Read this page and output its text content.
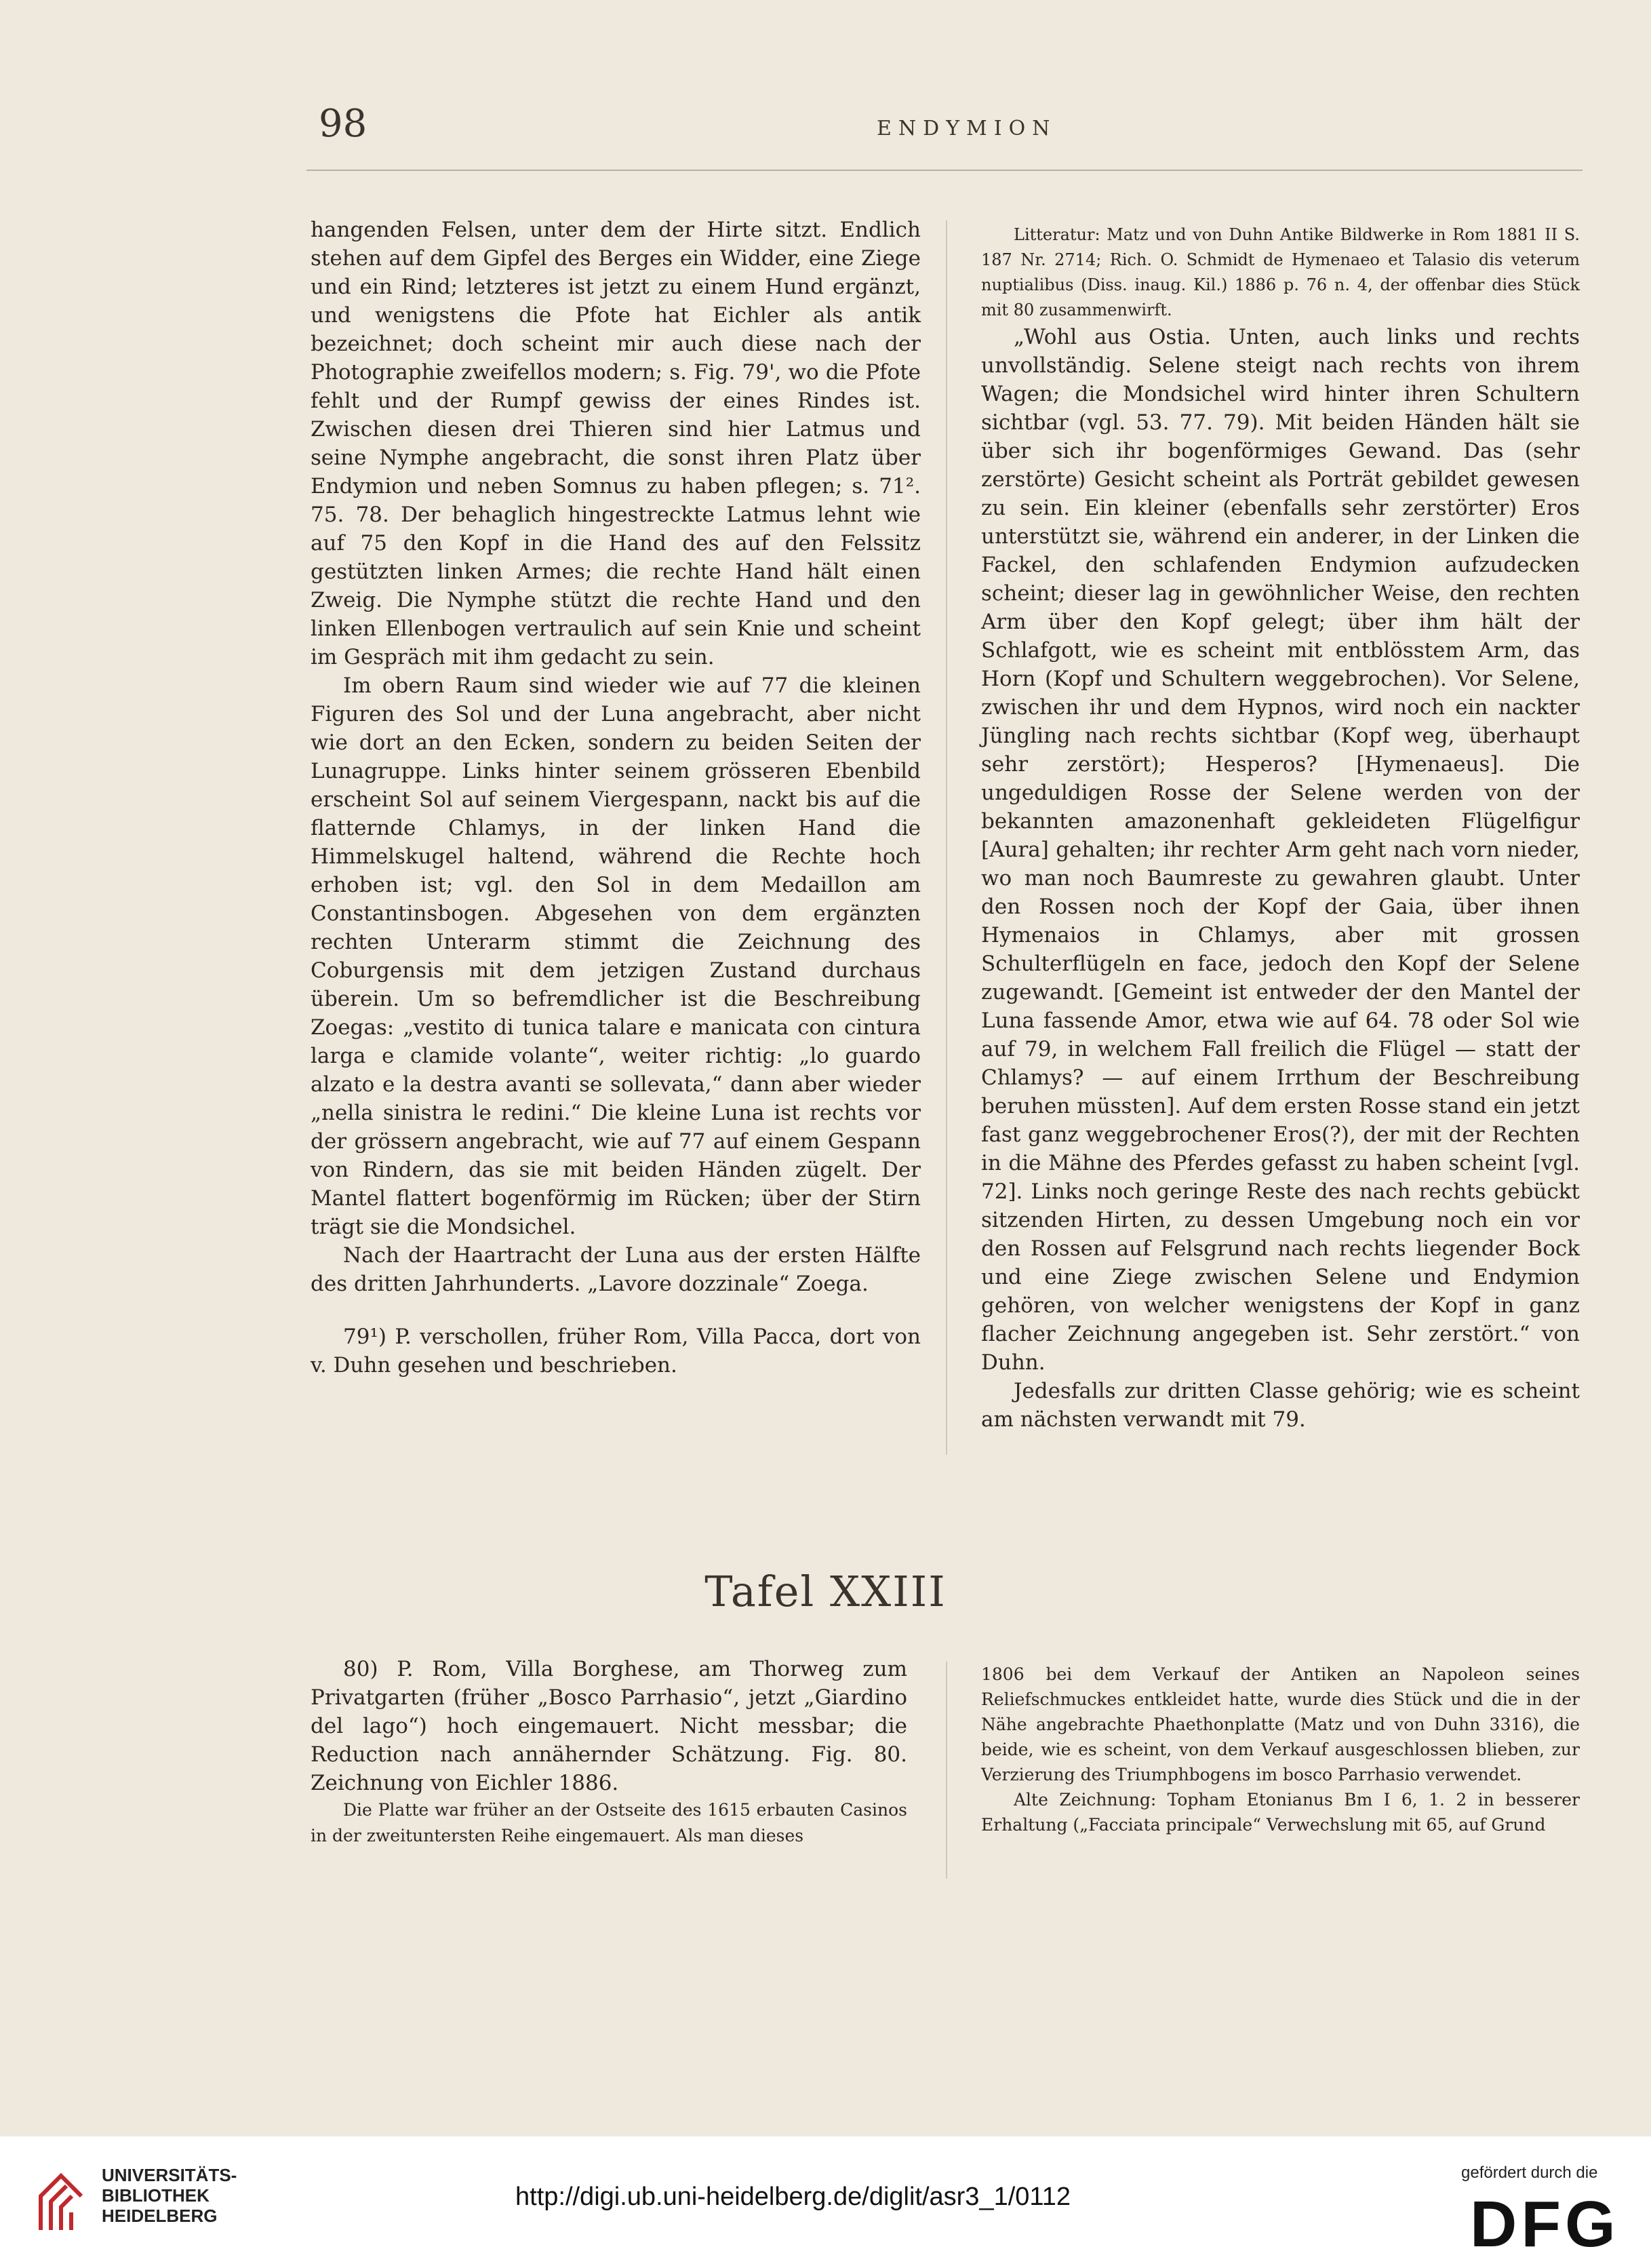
98	ENDYMION

hangenden Felsen, unter dem der Hirte sitzt. Endlich stehen auf dem Gipfel des Berges ein Widder, eine Ziege und ein Rind; letzteres ist jetzt zu einem Hund ergänzt, und wenigstens die Pfote hat Eichler als antik bezeichnet; doch scheint mir auch diese nach der Photographie zweifellos modern; s. Fig. 79', wo die Pfote fehlt und der Rumpf gewiss der eines Rindes ist. Zwischen diesen drei Thieren sind hier Latmus und seine Nymphe angebracht, die sonst ihren Platz über Endymion und neben Somnus zu haben pflegen; s. 71². 75. 78. Der behaglich hingestreckte Latmus lehnt wie auf 75 den Kopf in die Hand des auf den Felssitz gestützten linken Armes; die rechte Hand hält einen Zweig. Die Nymphe stützt die rechte Hand und den linken Ellenbogen vertraulich auf sein Knie und scheint im Gespräch mit ihm gedacht zu sein.

Im obern Raum sind wieder wie auf 77 die kleinen Figuren des Sol und der Luna angebracht, aber nicht wie dort an den Ecken, sondern zu beiden Seiten der Lunagruppe. Links hinter seinem grösseren Ebenbild erscheint Sol auf seinem Viergespann, nackt bis auf die flatternde Chlamys, in der linken Hand die Himmelskugel haltend, während die Rechte hoch erhoben ist; vgl. den Sol in dem Medaillon am Constantinsbogen. Abgesehen von dem ergänzten rechten Unterarm stimmt die Zeichnung des Coburgensis mit dem jetzigen Zustand durchaus überein. Um so befremdlicher ist die Beschreibung Zoegas: „vestito di tunica talare e manicata con cintura larga e clamide volante“, weiter richtig: „lo guardo alzato e la destra avanti se sollevata,“ dann aber wieder „nella sinistra le redini.“ Die kleine Luna ist rechts vor der grössern angebracht, wie auf 77 auf einem Gespann von Rindern, das sie mit beiden Händen zügelt. Der Mantel flattert bogenförmig im Rücken; über der Stirn trägt sie die Mondsichel.

Nach der Haartracht der Luna aus der ersten Hälfte des dritten Jahrhunderts. „Lavore dozzinale“ Zoega.

79¹) P. verschollen, früher Rom, Villa Pacca, dort von v. Duhn gesehen und beschrieben.

Litteratur: Matz und von Duhn Antike Bildwerke in Rom 1881 II S. 187 Nr. 2714; Rich. O. Schmidt de Hymenaeo et Talasio dis veterum nuptialibus (Diss. inaug. Kil.) 1886 p. 76 n. 4, der offenbar dies Stück mit 80 zusammenwirft.

„Wohl aus Ostia. Unten, auch links und rechts unvollständig. Selene steigt nach rechts von ihrem Wagen; die Mondsichel wird hinter ihren Schultern sichtbar (vgl. 53. 77. 79). Mit beiden Händen hält sie über sich ihr bogenförmiges Gewand. Das (sehr zerstörte) Gesicht scheint als Porträt gebildet gewesen zu sein. Ein kleiner (ebenfalls sehr zerstörter) Eros unterstützt sie, während ein anderer, in der Linken die Fackel, den schlafenden Endymion aufzudecken scheint; dieser lag in gewöhnlicher Weise, den rechten Arm über den Kopf gelegt; über ihm hält der Schlafgott, wie es scheint mit entblösstem Arm, das Horn (Kopf und Schultern weggebrochen). Vor Selene, zwischen ihr und dem Hypnos, wird noch ein nackter Jüngling nach rechts sichtbar (Kopf weg, überhaupt sehr zerstört); Hesperos? [Hymenaeus]. Die ungeduldigen Rosse der Selene werden von der bekannten amazonenhaft gekleideten Flügelfigur [Aura] gehalten; ihr rechter Arm geht nach vorn nieder, wo man noch Baumreste zu gewahren glaubt. Unter den Rossen noch der Kopf der Gaia, über ihnen Hymenaios in Chlamys, aber mit grossen Schulterflügeln en face, jedoch den Kopf der Selene zugewandt. [Gemeint ist entweder der den Mantel der Luna fassende Amor, etwa wie auf 64. 78 oder Sol wie auf 79, in welchem Fall freilich die Flügel — statt der Chlamys? — auf einem Irrthum der Beschreibung beruhen müssten]. Auf dem ersten Rosse stand ein jetzt fast ganz weggebrochener Eros(?), der mit der Rechten in die Mähne des Pferdes gefasst zu haben scheint [vgl. 72]. Links noch geringe Reste des nach rechts gebückt sitzenden Hirten, zu dessen Umgebung noch ein vor den Rossen auf Felsgrund nach rechts liegender Bock und eine Ziege zwischen Selene und Endymion gehören, von welcher wenigstens der Kopf in ganz flacher Zeichnung angegeben ist. Sehr zerstört.“ von Duhn.

Jedesfalls zur dritten Classe gehörig; wie es scheint am nächsten verwandt mit 79.

Tafel XXIII

80) P. Rom, Villa Borghese, am Thorweg zum Privatgarten (früher „Bosco Parrhasio“, jetzt „Giardino del lago“) hoch eingemauert. Nicht messbar; die Reduction nach annähernder Schätzung. Fig. 80. Zeichnung von Eichler 1886.

Die Platte war früher an der Ostseite des 1615 erbauten Casinos in der zweituntersten Reihe eingemauert. Als man dieses

1806 bei dem Verkauf der Antiken an Napoleon seines Reliefschmuckes entkleidet hatte, wurde dies Stück und die in der Nähe angebrachte Phaethonplatte (Matz und von Duhn 3316), die beide, wie es scheint, von dem Verkauf ausgeschlossen blieben, zur Verzierung des Triumphbogens im bosco Parrhasio verwendet.

Alte Zeichnung: Topham Etonianus Bm I 6, 1. 2 in besserer Erhaltung („Facciata principale“ Verwechslung mit 65, auf Grund

UNIVERSITÄTS-
BIBLIOTHEK
HEIDELBERG
http://digi.ub.uni-heidelberg.de/diglit/asr3_1/0112
gefördert durch die
DFG
